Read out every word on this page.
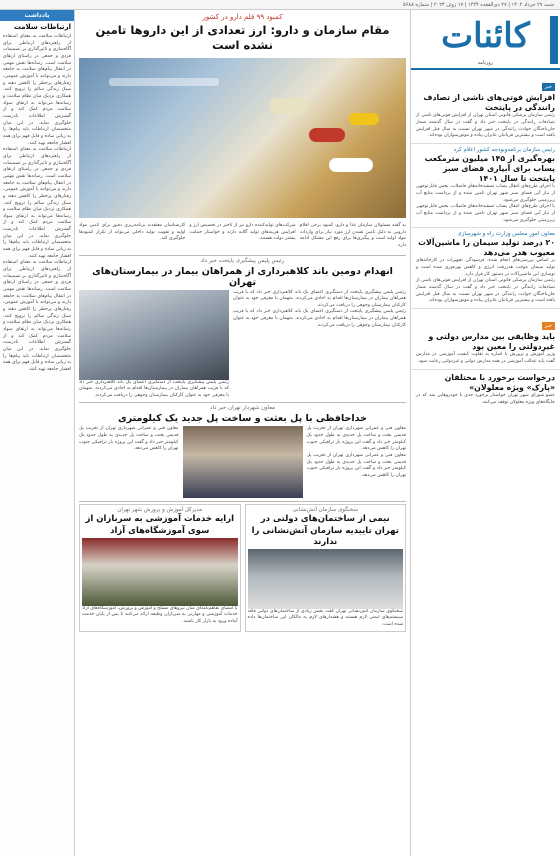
شنبه ۲۷ خرداد ۱۴۰۲ | ۲۷ ذی‌القعده ۱۴۴۴ | ۱۷ ژوئن ۲۰۲۳ | شماره ۵۶۸۸
کائنات
روزنامه
خبر
افزایش فوتی‌های ناشی از تصادف رانندگی در پایتخت
رئیس سازمان پزشکی قانونی استان تهران از افزایش فوتی‌های ناشی از تصادفات رانندگی در پایتخت خبر داد و گفت در سال گذشته شمار جان‌باختگان حوادث رانندگی در شهر تهران نسبت به سال قبل افزایش یافته است و بیشترین قربانیان عابران پیاده و موتورسواران بوده‌اند.
رئیس سازمان برنامه‌وبودجه کشور اعلام کرد
بهره‌گیری از ۱۴۵ میلیون مترمکعب پساب برای آبیاری فضای سبز پایتخت تا سال ۱۴۰۱
با اجرای طرح‌های انتقال پساب تصفیه‌خانه‌های فاضلاب، بخش قابل‌توجهی از نیاز آبی فضای سبز شهر تهران تامین شده و از برداشت منابع آب زیرزمینی جلوگیری می‌شود.
با اجرای طرح‌های انتقال پساب تصفیه‌خانه‌های فاضلاب، بخش قابل‌توجهی از نیاز آبی فضای سبز شهر تهران تامین شده و از برداشت منابع آب زیرزمینی جلوگیری می‌شود.
معاون امور مجلس وزارت راه و شهرسازی
۲۰ درصد تولید سیمان را ماشین‌آلات معیوب هدر می‌دهد
بر اساس بررسی‌های انجام شده، فرسودگی تجهیزات در کارخانه‌های تولید سیمان موجب هدررفت انرژی و کاهش بهره‌وری شده است و نوسازی این ماشین‌آلات در دستور کار قرار دارد.
رئیس سازمان پزشکی قانونی استان تهران از افزایش فوتی‌های ناشی از تصادفات رانندگی در پایتخت خبر داد و گفت در سال گذشته شمار جان‌باختگان حوادث رانندگی در شهر تهران نسبت به سال قبل افزایش یافته است و بیشترین قربانیان عابران پیاده و موتورسواران بوده‌اند.
خبر
باید وظایفی بین مدارس دولتی و غیردولتی را معین بود
وزیر آموزش و پرورش با اشاره به تفاوت کیفیت آموزشی در مدارس گفت باید عدالت آموزشی در همه مدارس دولتی و غیردولتی رعایت شود.
درخواست برخورد با مختلفان «پارک» ویژه معلولان»
عضو شورای شهر تهران خواستار برخورد جدی با خودروهایی شد که در جایگاه‌های ویژه معلولان توقف می‌کنند.
یادداشت
ارتباطات سلامت
ارتباطات سلامت به معنای استفاده از راهبردهای ارتباطی برای آگاه‌سازی و تاثیرگذاری بر تصمیمات فردی و جمعی در راستای ارتقای سلامت است. رسانه‌ها نقش مهمی در انتقال پیام‌های سلامت به جامعه دارند و می‌توانند با آموزش عمومی، رفتارهای پرخطر را کاهش دهند و سبک زندگی سالم را ترویج کنند. همکاری نزدیک میان نظام سلامت و رسانه‌ها می‌تواند به ارتقای سواد سلامت مردم کمک کند و از گسترش اطلاعات نادرست جلوگیری نماید. در این میان متخصصان ارتباطات باید پیام‌ها را به زبانی ساده و قابل فهم برای همه اقشار جامعه تهیه کنند.
ارتباطات سلامت به معنای استفاده از راهبردهای ارتباطی برای آگاه‌سازی و تاثیرگذاری بر تصمیمات فردی و جمعی در راستای ارتقای سلامت است. رسانه‌ها نقش مهمی در انتقال پیام‌های سلامت به جامعه دارند و می‌توانند با آموزش عمومی، رفتارهای پرخطر را کاهش دهند و سبک زندگی سالم را ترویج کنند. همکاری نزدیک میان نظام سلامت و رسانه‌ها می‌تواند به ارتقای سواد سلامت مردم کمک کند و از گسترش اطلاعات نادرست جلوگیری نماید. در این میان متخصصان ارتباطات باید پیام‌ها را به زبانی ساده و قابل فهم برای همه اقشار جامعه تهیه کنند.
ارتباطات سلامت به معنای استفاده از راهبردهای ارتباطی برای آگاه‌سازی و تاثیرگذاری بر تصمیمات فردی و جمعی در راستای ارتقای سلامت است. رسانه‌ها نقش مهمی در انتقال پیام‌های سلامت به جامعه دارند و می‌توانند با آموزش عمومی، رفتارهای پرخطر را کاهش دهند و سبک زندگی سالم را ترویج کنند. همکاری نزدیک میان نظام سلامت و رسانه‌ها می‌تواند به ارتقای سواد سلامت مردم کمک کند و از گسترش اطلاعات نادرست جلوگیری نماید. در این میان متخصصان ارتباطات باید پیام‌ها را به زبانی ساده و قابل فهم برای همه اقشار جامعه تهیه کنند.
کمبود ۹۹ قلم دارو در کشور
مقام سازمان و دارو: ارز تعدادی از این داروها تامین نشده است
به گفته مسئولان سازمان غذا و دارو، کمبود برخی اقلام دارویی به دلیل تامین نشدن ارز مورد نیاز برای واردات مواد اولیه است و پیگیری‌ها برای رفع این مشکل ادامه دارد.
شرکت‌های تولیدکننده دارو نیز از تاخیر در تخصیص ارز و افزایش هزینه‌های تولید گلایه دارند و خواستار حمایت بیشتر دولت هستند.
کارشناسان معتقدند برنامه‌ریزی دقیق برای تامین مواد اولیه و تقویت تولید داخلی می‌تواند از تکرار کمبودها جلوگیری کند.
رئیس پلیس پیشگیری پایتخت خبر داد
انهدام دومین باند کلاهبرداری از همراهان بیمار در بیمارستان‌های تهران
رئیس پلیس پیشگیری پایتخت از دستگیری اعضای یک باند کلاهبرداری خبر داد که با فریب همراهان بیماران در بیمارستان‌ها اقدام به اخاذی می‌کردند. متهمان با معرفی خود به عنوان کارکنان بیمارستان وجوهی را دریافت می‌کردند.
رئیس پلیس پیشگیری پایتخت از دستگیری اعضای یک باند کلاهبرداری خبر داد که با فریب همراهان بیماران در بیمارستان‌ها اقدام به اخاذی می‌کردند. متهمان با معرفی خود به عنوان کارکنان بیمارستان وجوهی را دریافت می‌کردند.
رئیس پلیس پیشگیری پایتخت از دستگیری اعضای یک باند کلاهبرداری خبر داد که با فریب همراهان بیماران در بیمارستان‌ها اقدام به اخاذی می‌کردند. متهمان با معرفی خود به عنوان کارکنان بیمارستان وجوهی را دریافت می‌کردند.
معاون شهردار تهران خبر داد
خداحافظی با پل بعثت و ساخت پل جدید یک کیلومتری
معاون فنی و عمرانی شهرداری تهران از تخریب پل قدیمی بعثت و ساخت پل جدیدی به طول حدود یک کیلومتر خبر داد و گفت این پروژه بار ترافیکی جنوب تهران را کاهش می‌دهد.
معاون فنی و عمرانی شهرداری تهران از تخریب پل قدیمی بعثت و ساخت پل جدیدی به طول حدود یک کیلومتر خبر داد و گفت این پروژه بار ترافیکی جنوب تهران را کاهش می‌دهد.
معاون فنی و عمرانی شهرداری تهران از تخریب پل قدیمی بعثت و ساخت پل جدیدی به طول حدود یک کیلومتر خبر داد و گفت این پروژه بار ترافیکی جنوب تهران را کاهش می‌دهد.
سخنگوی سازمان آتش‌نشانی
نیمی از ساختمان‌های دولتی در تهران تاییدیه سازمان آتش‌نشانی را ندارند
سخنگوی سازمان آتش‌نشانی تهران گفت بخش زیادی از ساختمان‌های دولتی فاقد سیستم‌های ایمنی لازم هستند و هشدارهای لازم به مالکان این ساختمان‌ها داده شده است.
مدیرکل آموزش و پرورش شهر تهران
ارایه خدمات آموزشی به سربازان از سوی آموزشگاه‌های آزاد
با امضای تفاهم‌نامه‌ای میان نیروهای مسلح و آموزش و پرورش، آموزشگاه‌های آزاد خدمات آموزشی و مهارتی به سربازان وظیفه ارائه می‌کنند تا پس از پایان خدمت آماده ورود به بازار کار باشند.
